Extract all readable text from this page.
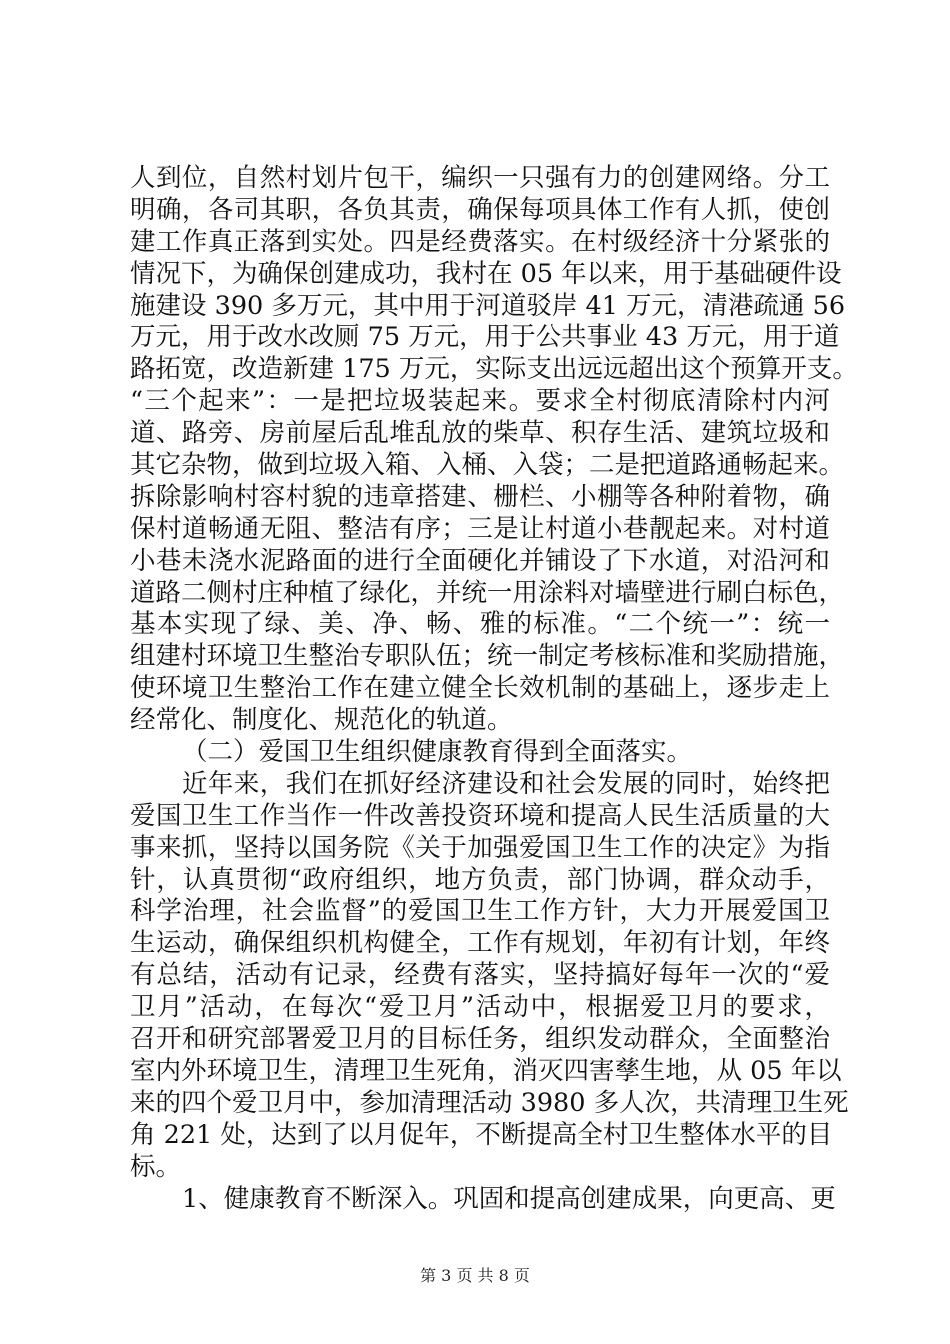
人到位，自然村划片包干，编织一只强有力的创建网络。分工
明确，各司其职，各负其责，确保每项具体工作有人抓，使创
建工作真正落到实处。四是经费落实。在村级经济十分紧张的
情况下，为确保创建成功，我村在 05 年以来，用于基础硬件设
施建设 390 多万元，其中用于河道驳岸 41 万元，清港疏通 56
万元，用于改水改厕 75 万元，用于公共事业 43 万元，用于道
路拓宽，改造新建 175 万元，实际支出远远超出这个预算开支。
“三个起来”：一是把垃圾装起来。要求全村彻底清除村内河
道、路旁、房前屋后乱堆乱放的柴草、积存生活、建筑垃圾和
其它杂物，做到垃圾入箱、入桶、入袋；二是把道路通畅起来。
拆除影响村容村貌的违章搭建、栅栏、小棚等各种附着物，确
保村道畅通无阻、整洁有序；三是让村道小巷靓起来。对村道
小巷未浇水泥路面的进行全面硬化并铺设了下水道，对沿河和
道路二侧村庄种植了绿化，并统一用涂料对墙壁进行刷白标色，
基本实现了绿、美、净、畅、雅的标准。“二个统一”：统一
组建村环境卫生整治专职队伍；统一制定考核标准和奖励措施，
使环境卫生整治工作在建立健全长效机制的基础上，逐步走上
经常化、制度化、规范化的轨道。
（二）爱国卫生组织健康教育得到全面落实。
近年来，我们在抓好经济建设和社会发展的同时，始终把
爱国卫生工作当作一件改善投资环境和提高人民生活质量的大
事来抓，坚持以国务院《关于加强爱国卫生工作的决定》为指
针，认真贯彻“政府组织，地方负责，部门协调，群众动手，
科学治理，社会监督”的爱国卫生工作方针，大力开展爱国卫
生运动，确保组织机构健全，工作有规划，年初有计划，年终
有总结，活动有记录，经费有落实，坚持搞好每年一次的“爱
卫月”活动，在每次“爱卫月”活动中，根据爱卫月的要求，
召开和研究部署爱卫月的目标任务，组织发动群众，全面整治
室内外环境卫生，清理卫生死角，消灭四害孳生地，从 05 年以
来的四个爱卫月中，参加清理活动 3980 多人次，共清理卫生死
角 221 处，达到了以月促年，不断提高全村卫生整体水平的目
标。
1、健康教育不断深入。巩固和提高创建成果，向更高、更
第 3 页 共 8 页
